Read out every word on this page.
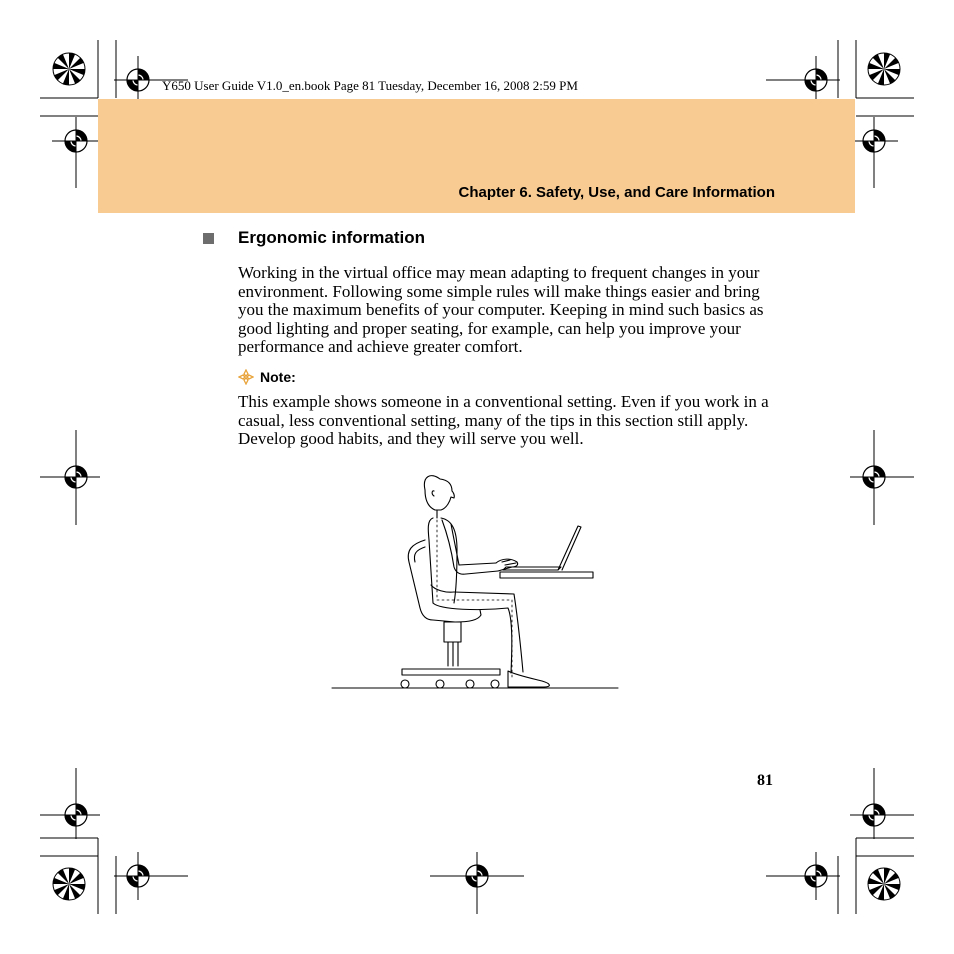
Y650 User Guide V1.0_en.book Page 81 Tuesday, December 16, 2008 2:59 PM
Chapter 6. Safety, Use, and Care Information
Ergonomic information
Working in the virtual office may mean adapting to frequent changes in your environment. Following some simple rules will make things easier and bring you the maximum benefits of your computer. Keeping in mind such basics as good lighting and proper seating, for example, can help you improve your performance and achieve greater comfort.
Note:
This example shows someone in a conventional setting. Even if you work in a casual, less conventional setting, many of the tips in this section still apply. Develop good habits, and they will serve you well.
81
